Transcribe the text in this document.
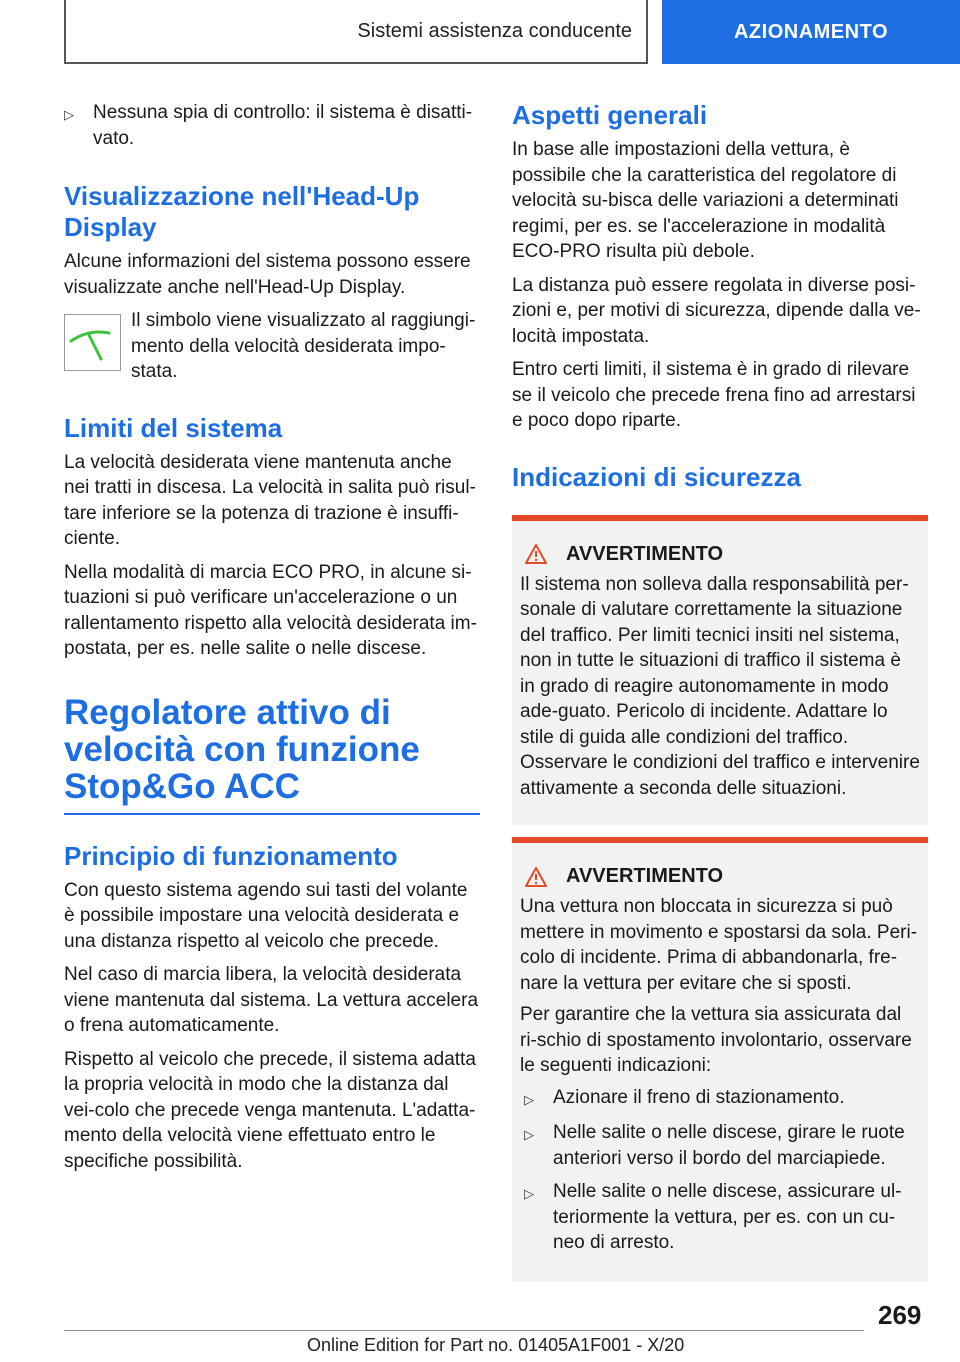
Sistemi assistenza conducente	AZIONAMENTO
▷	Nessuna spia di controllo: il sistema è disatti-vato.
Visualizzazione nell'Head-Up Display

Alcune informazioni del sistema possono essere visualizzate anche nell'Head-Up Display.

Il simbolo viene visualizzato al raggiungi-mento della velocità desiderata impo-stata.
Limiti del sistema

La velocità desiderata viene mantenuta anche nei tratti in discesa. La velocità in salita può risul-tare inferiore se la potenza di trazione è insuffi-ciente.

Nella modalità di marcia ECO PRO, in alcune si-tuazioni si può verificare un'accelerazione o un rallentamento rispetto alla velocità desiderata im-postata, per es. nelle salite o nelle discese.

Regolatore attivo di velocità con funzione Stop&Go ACC
Principio di funzionamento

Con questo sistema agendo sui tasti del volante è possibile impostare una velocità desiderata e una distanza rispetto al veicolo che precede.

Nel caso di marcia libera, la velocità desiderata viene mantenuta dal sistema. La vettura accelera o frena automaticamente.

Rispetto al veicolo che precede, il sistema adatta la propria velocità in modo che la distanza dal vei-colo che precede venga mantenuta. L'adatta-mento della velocità viene effettuato entro le specifiche possibilità.

Aspetti generali

In base alle impostazioni della vettura, è possibile che la caratteristica del regolatore di velocità su-bisca delle variazioni a determinati regimi, per es. se l'accelerazione in modalità ECO-PRO risulta più debole.

La distanza può essere regolata in diverse posi-zioni e, per motivi di sicurezza, dipende dalla ve-locità impostata.

Entro certi limiti, il sistema è in grado di rilevare se il veicolo che precede frena fino ad arrestarsi e poco dopo riparte.

Indicazioni di sicurezza
AVVERTIMENTO

Il sistema non solleva dalla responsabilità per-sonale di valutare correttamente la situazione del traffico. Per limiti tecnici insiti nel sistema, non in tutte le situazioni di traffico il sistema è in grado di reagire autonomamente in modo ade-guato. Pericolo di incidente. Adattare lo stile di guida alle condizioni del traffico. Osservare le condizioni del traffico e intervenire attivamente a seconda delle situazioni.

AVVERTIMENTO

Una vettura non bloccata in sicurezza si può mettere in movimento e spostarsi da sola. Peri-colo di incidente. Prima di abbandonarla, fre-nare la vettura per evitare che si sposti.

Per garantire che la vettura sia assicurata dal ri-schio di spostamento involontario, osservare le seguenti indicazioni:

▷	Azionare il freno di stazionamento.
▷	Nelle salite o nelle discese, girare le ruote anteriori verso il bordo del marciapiede.
▷	Nelle salite o nelle discese, assicurare ul-teriormente la vettura, per es. con un cu-neo di arresto.
269
Online Edition for Part no. 01405A1F001 - X/20
